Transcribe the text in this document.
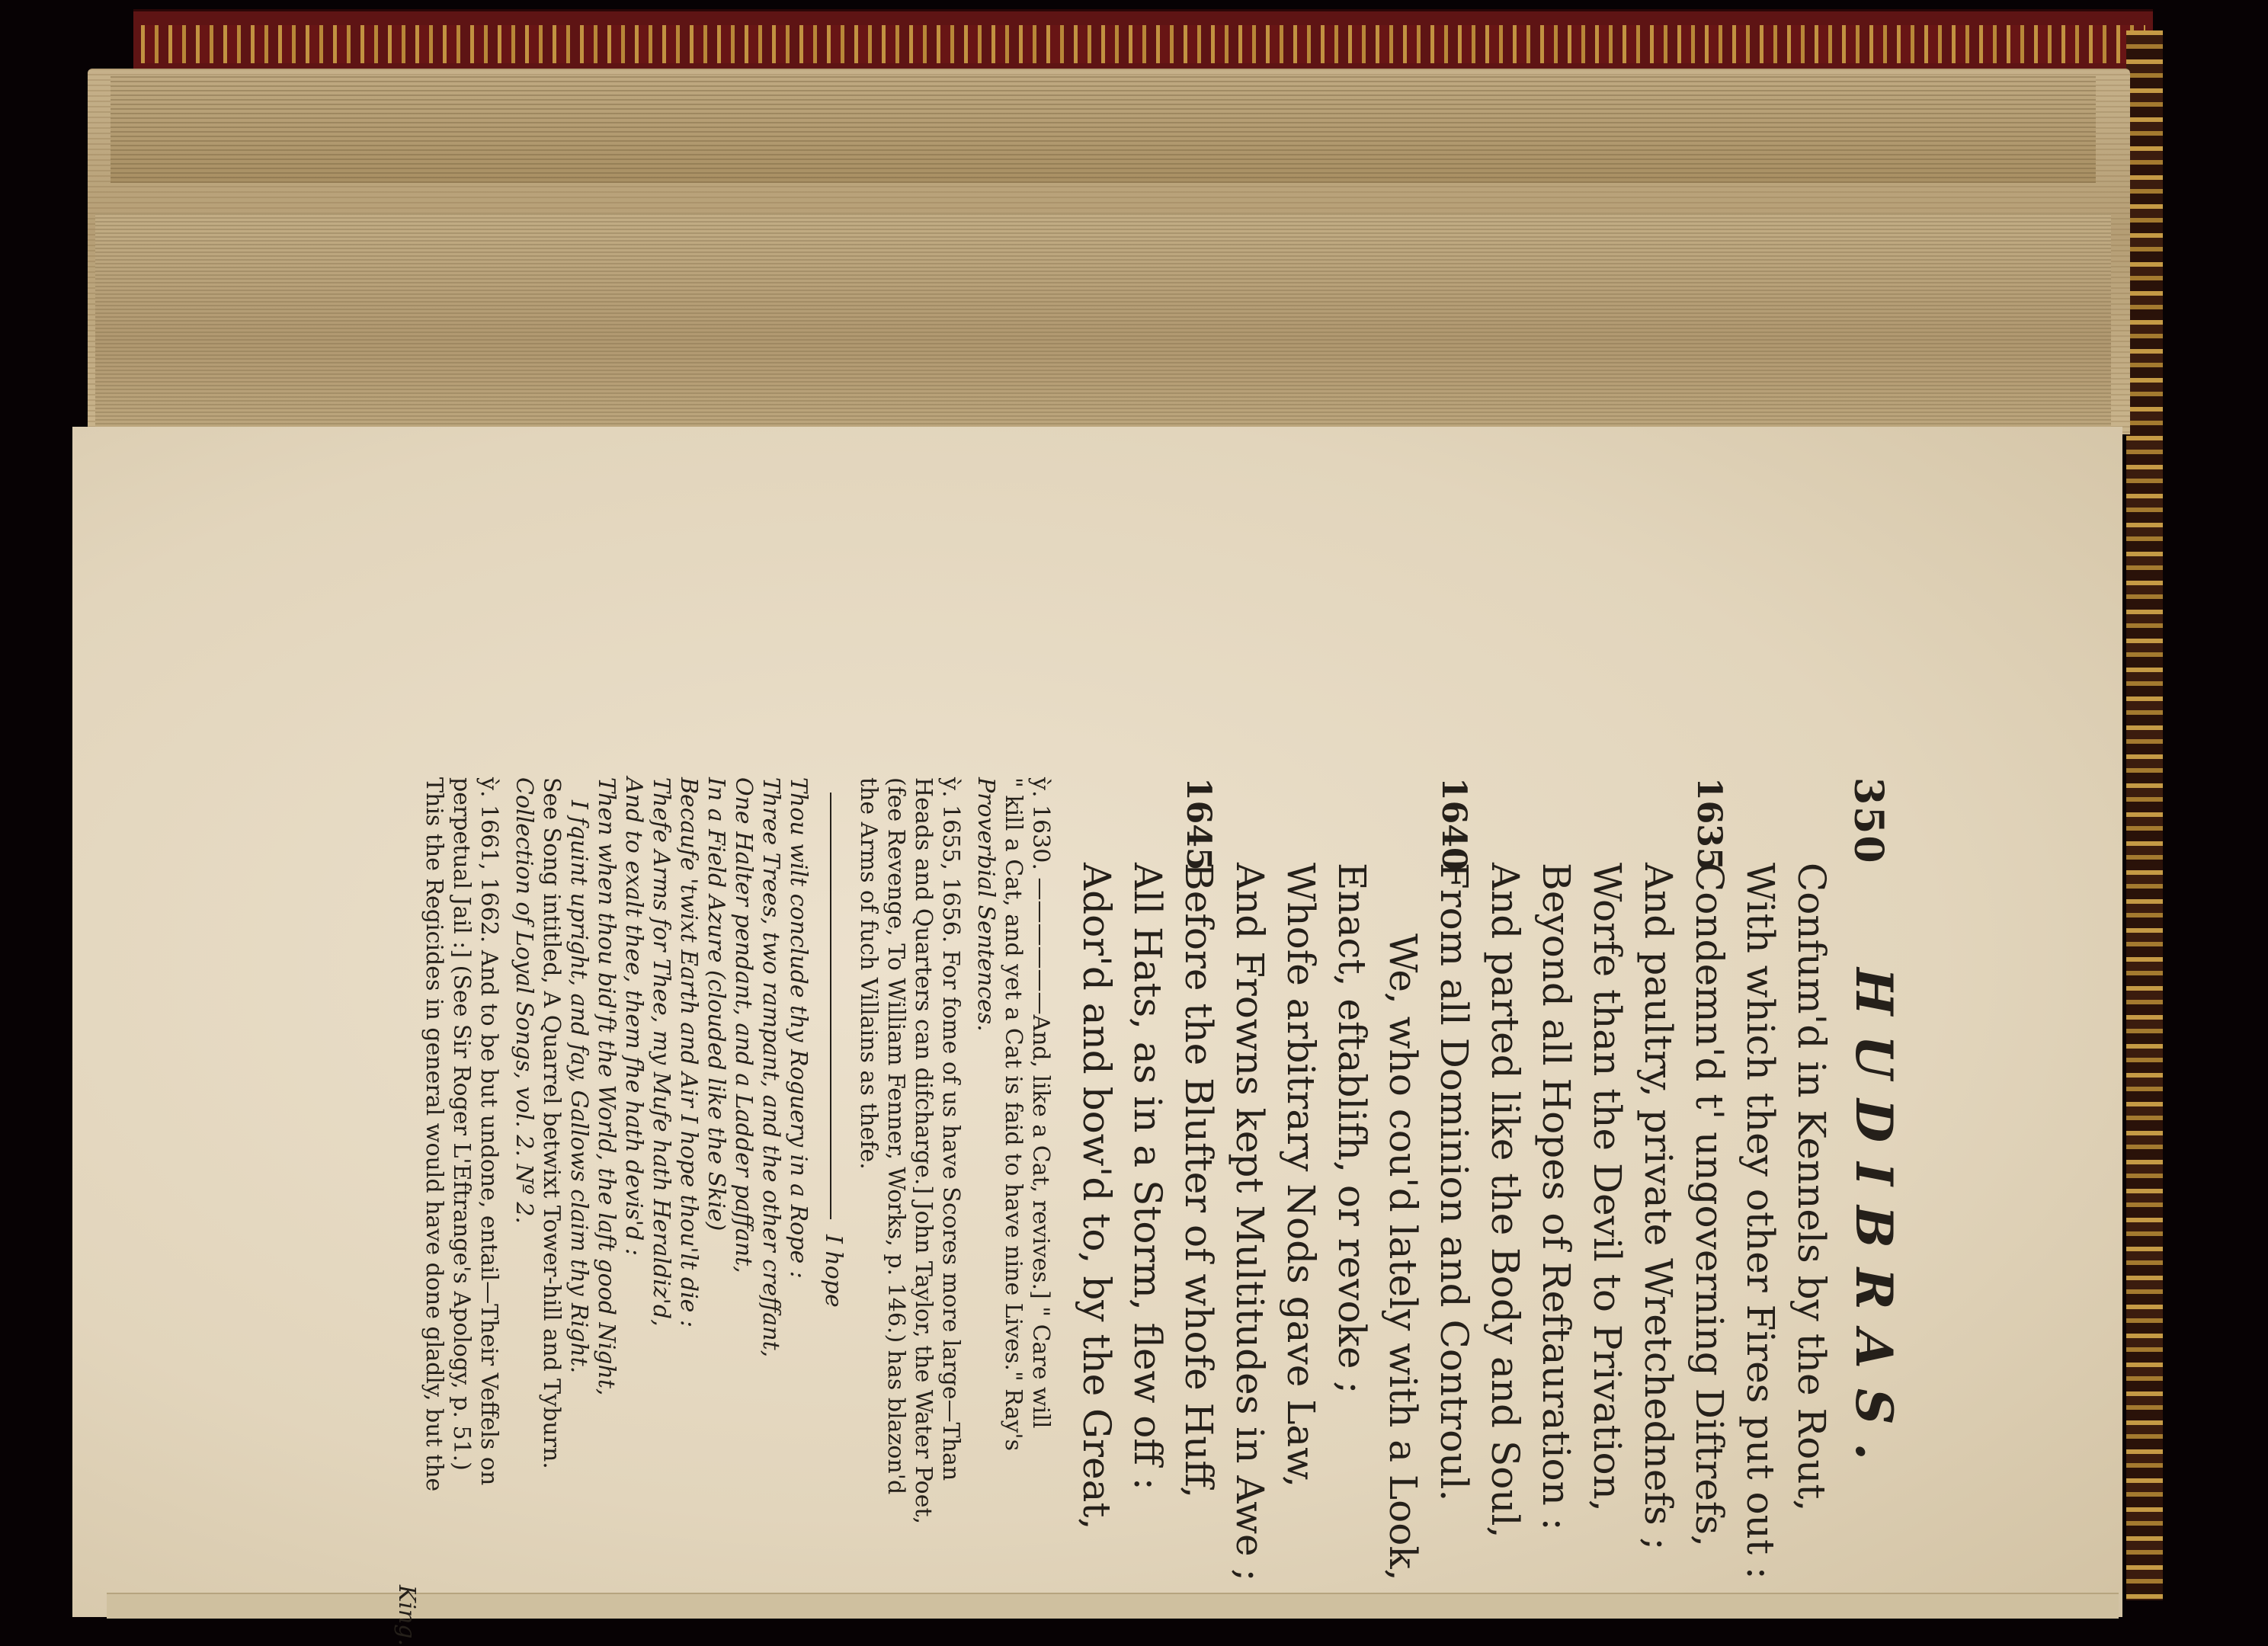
350
HUDIBRAS.
Confum'd in Kennels by the Rout,
With which they other Fires put out :
1635
Condemn'd t' ungoverning Diftrefs,
And paultry, private Wretchednefs ;
Worfe than the Devil to Privation,
Beyond all Hopes of Reftauration :
And parted like the Body and Soul,
1640
From all Dominion and Controul.
We, who cou'd lately with a Look,
Enact, eftablifh, or revoke ;
Whofe arbitrary Nods gave Law,
And Frowns kept Multitudes in Awe ;
1645
Before the Blufter of whofe Huff,
All Hats, as in a Storm, flew off :
Ador'd and bow'd to, by the Great,
ỳ. 1630. ——————And, like a Cat, revives.] " Care will
" kill a Cat, and yet a Cat is faid to have nine Lives." Ray's
Proverbial Sentences.
ỳ. 1655, 1656. For fome of us have Scores more large—Than
Heads and Quarters can difcharge.] John Taylor, the Water Poet,
(fee Revenge, To William Fenner, Works, p. 146.) has blazon'd
the Arms of fuch Villains as thefe.
I hope
Thou wilt conclude thy Roguery in a Rope :
Three Trees, two rampant, and the other creffant,
One Halter pendant, and a Ladder paffant,
In a Field Azure (clouded like the Skie)
Becaufe 'twixt Earth and Air I hope thou'lt die :
Thefe Arms for Thee, my Mufe hath Heraldiz'd,
And to exalt thee, them fhe hath devis'd :
Then when thou bid'ft the World, the laft good Night,
I fquint upright, and fay, Gallows claim thy Right.
See Song intitled, A Quarrel betwixt Tower-hill and Tyburn.
Collection of Loyal Songs, vol. 2. Nº 2.
ỳ. 1661, 1662. And to be but undone, entail—Their Veffels on
perpetual Jail :] (See Sir Roger L'Eftrange's Apology, p. 51.)
This the Regicides in general would have done gladly, but the
King.
